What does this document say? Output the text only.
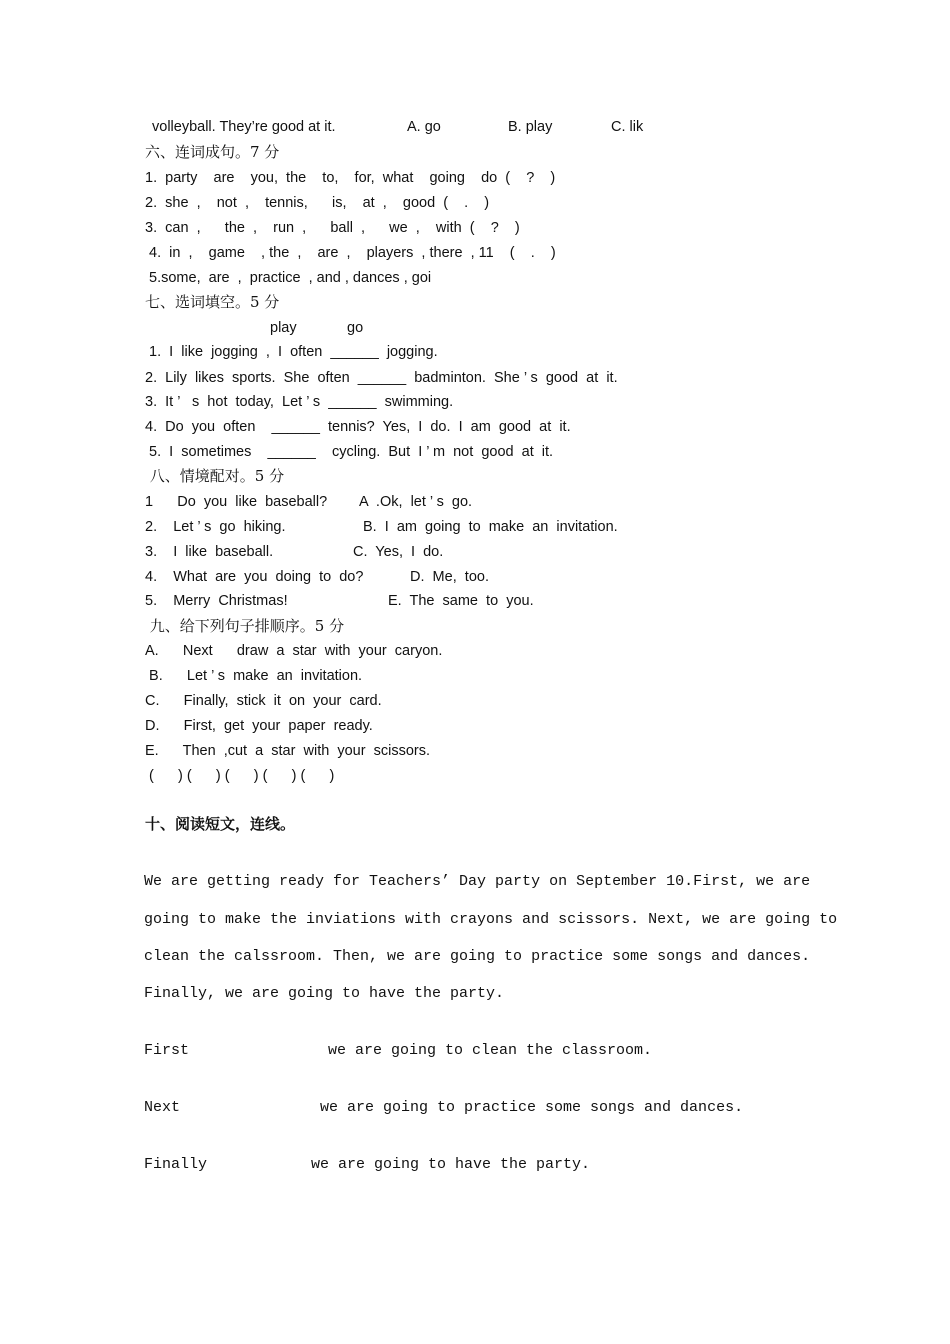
volleyball. They’re good at it.	A. go	B. play	C. lik
六、连词成句。7 分
1.  party    are    you,  the    to,    for,  what    going    do  (    ?    )
2.  she  ,    not  ,    tennis,      is,    at  ,    good  (    .    )
3.  can  ,      the  ,    run  ,      ball  ,      we  ,    with  (    ?    )
4.  in  ,    game    , the  ,    are  ,    players  , there  , 11    (    .    )
5.some,  are  ,  practice  , and , dances , goi
七、选词填空。5 分
play	go
1.  I  like  jogging  ,  I  often  ______  jogging.
2.  Lily  likes  sports.  She  often  ______  badminton.  She ’ s  good  at  it.
3.  It ’   s  hot  today,  Let ’ s  ______  swimming.
4.  Do  you  often    ______  tennis?  Yes,  I  do.  I  am  good  at  it.
5.  I  sometimes    ______    cycling.  But  I ’ m  not  good  at  it.
八、情境配对。5 分
1      Do  you  like  baseball? A  .Ok,  let ’ s  go.
2.    Let ’ s  go  hiking.	B.  I  am  going  to  make  an  invitation.
3.    I  like  baseball.	C.  Yes,  I  do.
4.    What  are  you  doing  to  do?	D.  Me,  too.
5.    Merry  Christmas!	E.  The  same  to  you.
九、给下列句子排顺序。5 分
A.      Next      draw  a  star  with  your  caryon.
B.      Let ’ s  make  an  invitation.
C.      Finally,  stick  it  on  your  card.
D.      First,  get  your  paper  ready.
E.      Then  ,cut  a  star  with  your  scissors.
(      ) (      ) (      ) (      ) (      )
十、阅读短文，连线。
We are getting ready for Teachers’ Day party on September 10.First, we are
going to make the inviations with crayons and scissors. Next, we are going to
clean the calssroom. Then, we are going to practice some songs and dances.
Finally, we are going to have the party.
First	we are going to clean the classroom.
Next	we are going to practice some songs and dances.
Finally	we are going to have the party.
